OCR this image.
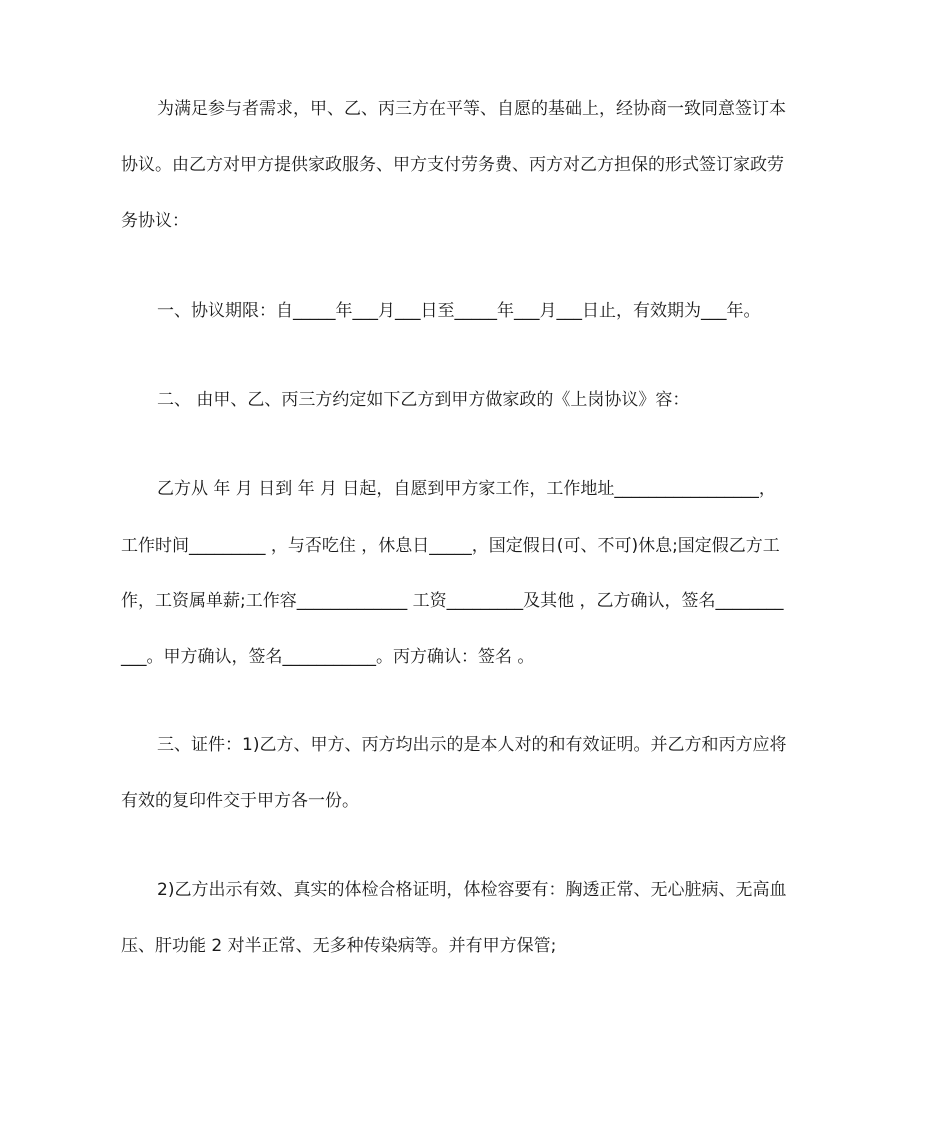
为满足参与者需求，甲、乙、丙三方在平等、自愿的基础上，经协商一致同意签订本
协议。由乙方对甲方提供家政服务、甲方支付劳务费、丙方对乙方担保的形式签订家政劳
务协议：
一、协议期限：自_____年___月___日至_____年___月___日止，有效期为___年。
二、 由甲、乙、丙三方约定如下乙方到甲方做家政的《上岗协议》容：
乙方从 年 月 日到 年 月 日起，自愿到甲方家工作，工作地址_________________，
工作时间_________ ，与否吃住 ，休息日_____，国定假日(可、不可)休息;国定假乙方工
作，工资属单薪;工作容_____________ 工资_________及其他 ，乙方确认，签名________
___。甲方确认，签名___________。丙方确认：签名 。
三、证件：1)乙方、甲方、丙方均出示的是本人对的和有效证明。并乙方和丙方应将
有效的复印件交于甲方各一份。
2)乙方出示有效、真实的体检合格证明，体检容要有：胸透正常、无心脏病、无高血
压、肝功能 2 对半正常、无多种传染病等。并有甲方保管;
